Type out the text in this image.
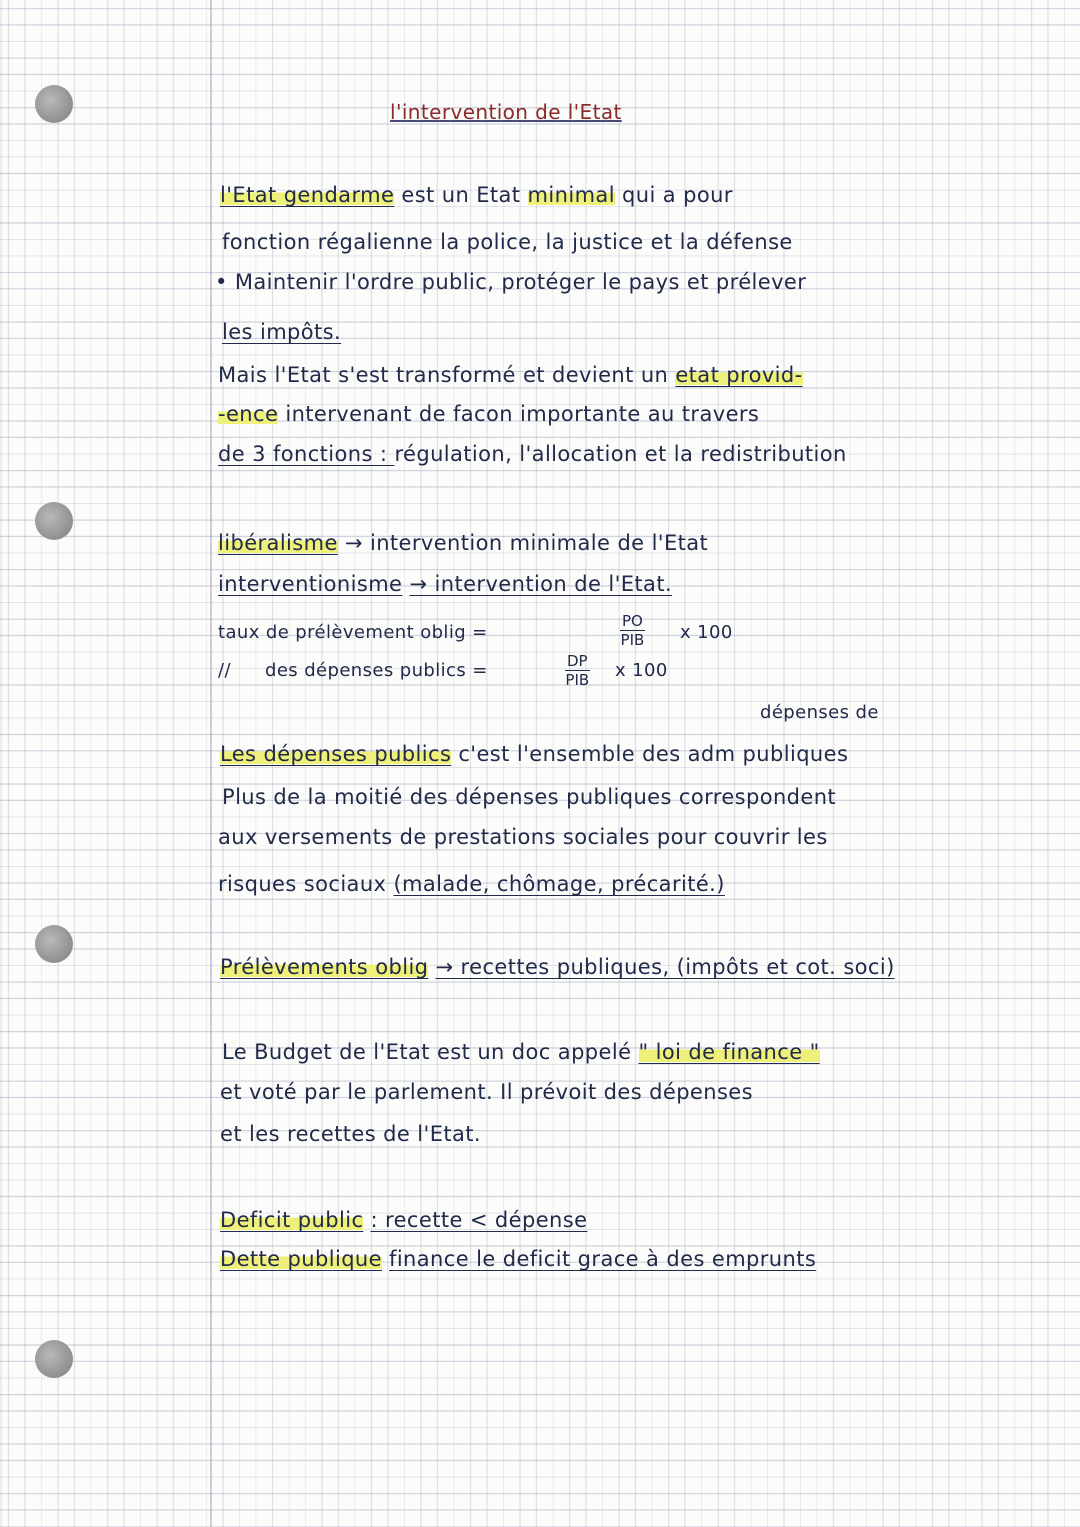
l'intervention de l'Etat
l'Etat gendarme est un Etat minimal qui a pour
fonction régalienne la police, la justice et la défense
• Maintenir l'ordre public, protéger le pays et prélever
les impôts.
Mais l'Etat s'est transformé et devient un etat provid-
-ence intervenant de facon importante au travers
de 3 fonctions : régulation, l'allocation et la redistribution
libéralisme → intervention minimale de l'Etat
interventionisme → intervention de l'Etat.
taux de prélèvement oblig =
PO
PIB x 100
// des dépenses publics =	DP
PIB x 100
dépenses de
Les dépenses publics c'est l'ensemble des adm publiques
Plus de la moitié des dépenses publiques correspondent
aux versements de prestations sociales pour couvrir les
risques sociaux (malade, chômage, précarité.)
Prélèvements oblig → recettes publiques, (impôts et cot. soci)
Le Budget de l'Etat est un doc appelé " loi de finance "
et voté par le parlement. Il prévoit des dépenses
et les recettes de l'Etat.
Deficit public : recette < dépense
Dette publique finance le deficit grace à des emprunts
